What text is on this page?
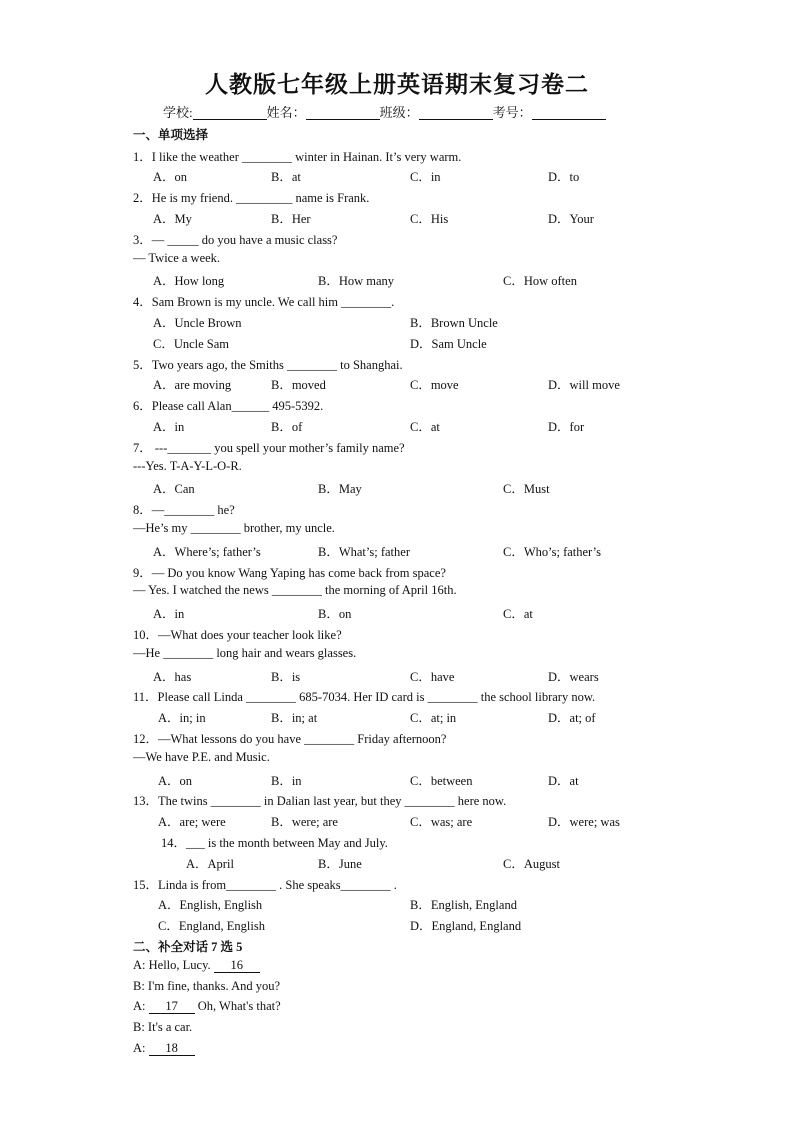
人教版七年级上册英语期末复习卷二
学校:	姓名：	班级：	考号：
一、单项选择
1．I like the weather ________ winter in Hainan. It’s very warm.
A．on	B．at	C．in	D．to
2．He is my friend. _________ name is Frank.
A．My	B．Her	C．His	D．Your
3．— _____ do you have a music class?
— Twice a week.
A．How long	B．How many	C．How often
4．Sam Brown is my uncle. We call him ________.
A．Uncle Brown	B．Brown Uncle
C．Uncle Sam	D．Sam Uncle
5．Two years ago, the Smiths ________ to Shanghai.
A．are moving	B．moved	C．move	D．will move
6．Please call Alan______ 495-5392.
A．in	B．of	C．at	D．for
7． ---_______ you spell your mother’s family name?
---Yes. T-A-Y-L-O-R.
A．Can	B．May	C．Must
8．—________ he?
—He’s my ________ brother, my uncle.
A．Where’s; father’s	B．What’s; father	C．Who’s; father’s
9．— Do you know Wang Yaping has come back from space?
— Yes. I watched the news ________ the morning of April 16th.
A．in	B．on	C．at
10．—What does your teacher look like?
—He ________ long hair and wears glasses.
A．has	B．is	C．have	D．wears
11．Please call Linda ________ 685-7034. Her ID card is ________ the school library now.
A．in; in	B．in; at	C．at; in	D．at; of
12．—What lessons do you have ________ Friday afternoon?
—We have P.E. and Music.
A．on	B．in	C．between	D．at
13．The twins ________ in Dalian last year, but they ________ here now.
A．are; were	B．were; are	C．was; are	D．were; was
14．___ is the month between May and July.
A．April	B．June	C．August
15．Linda is from________ . She speaks________ .
A．English, English	B．English, England
C．England, English	D．England, England
二、补全对话 7 选 5
A: Hello, Lucy. 16
B: I'm fine, thanks. And you?
A: 17 Oh, What's that?
B: It's a car.
A: 18
